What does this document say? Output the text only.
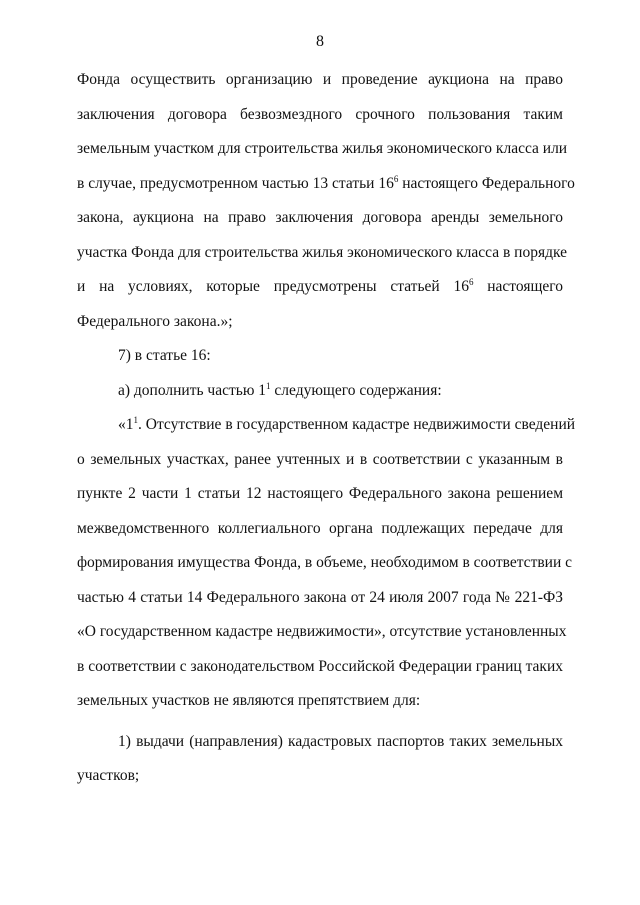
8

Фонда осуществить организацию и проведение аукциона на право
заключения договора безвозмездного срочного пользования таким
земельным участком для строительства жилья экономического класса или
в случае, предусмотренном частью 13 статьи $16^6$ настоящего Федерального
закона, аукциона на право заключения договора аренды земельного
участка Фонда для строительства жилья экономического класса в порядке
и на условиях, которые предусмотрены статьей $16^6$ настоящего
Федерального закона.»;

7) в статье 16:

а) дополнить частью $1^1$ следующего содержания:

«$1^1$. Отсутствие в государственном кадастре недвижимости сведений
о земельных участках, ранее учтенных и в соответствии с указанным в
пункте 2 части 1 статьи 12 настоящего Федерального закона решением
межведомственного коллегиального органа подлежащих передаче для
формирования имущества Фонда, в объеме, необходимом в соответствии с
частью 4 статьи 14 Федерального закона от 24 июля 2007 года № 221-ФЗ
«О государственном кадастре недвижимости», отсутствие установленных
в соответствии с законодательством Российской Федерации границ таких
земельных участков не являются препятствием для:

1) выдачи (направления) кадастровых паспортов таких земельных
участков;
